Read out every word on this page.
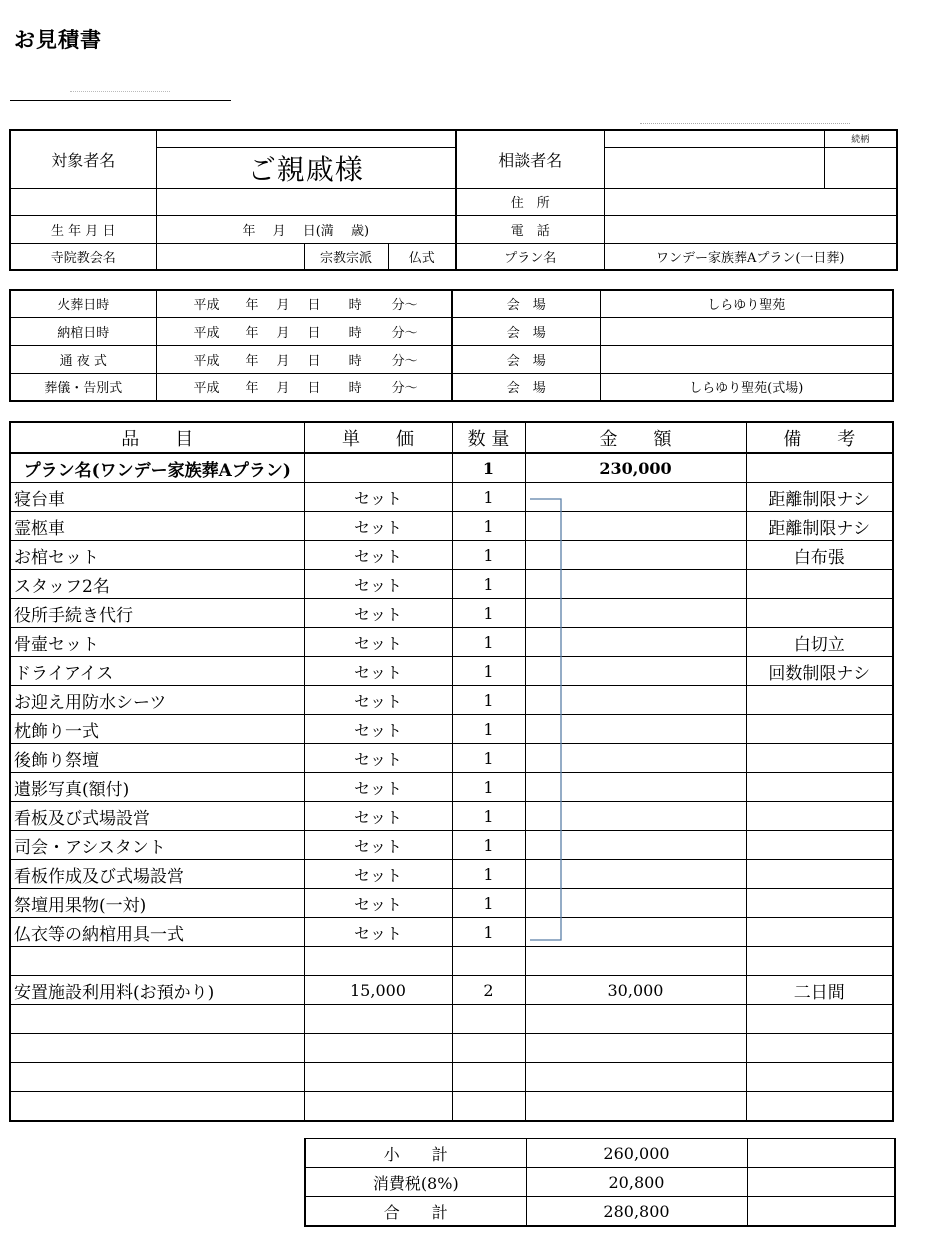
お見積書
対象者名				相談者名		続柄
	ご親戚様					
				住　所		
生 年 月 日	年　 月　 日(満　 歳)			電　話		
寺院教会名		宗教宗派	仏式	プラン名	ワンデー家族葬Aプラン(一日葬)	
火葬日時	平成 年 月 日 時 分〜	会　場	しらゆり聖苑
納棺日時	平成 年 月 日 時 分〜	会　場	
通 夜 式	平成 年 月 日 時 分〜	会　場	
葬儀・告別式	平成 年 月 日 時 分〜	会　場	しらゆり聖苑(式場)
品　　目	単　　価	数 量	金　　額	備　　考
プラン名(ワンデー家族葬Aプラン)		1	230,000	
寝台車	セット	1		距離制限ナシ
霊柩車	セット	1		距離制限ナシ
お棺セット	セット	1		白布張
スタッフ2名	セット	1		
役所手続き代行	セット	1		
骨壷セット	セット	1		白切立
ドライアイス	セット	1		回数制限ナシ
お迎え用防水シーツ	セット	1		
枕飾り一式	セット	1		
後飾り祭壇	セット	1		
遺影写真(額付)	セット	1		
看板及び式場設営	セット	1		
司会・アシスタント	セット	1		
看板作成及び式場設営	セット	1		
祭壇用果物(一対)	セット	1		
仏衣等の納棺用具一式	セット	1		

安置施設利用料(お預かり)	15,000	2	30,000	二日間

小　　計	260,000	
消費税(8%)	20,800	
合　　計	280,800	
